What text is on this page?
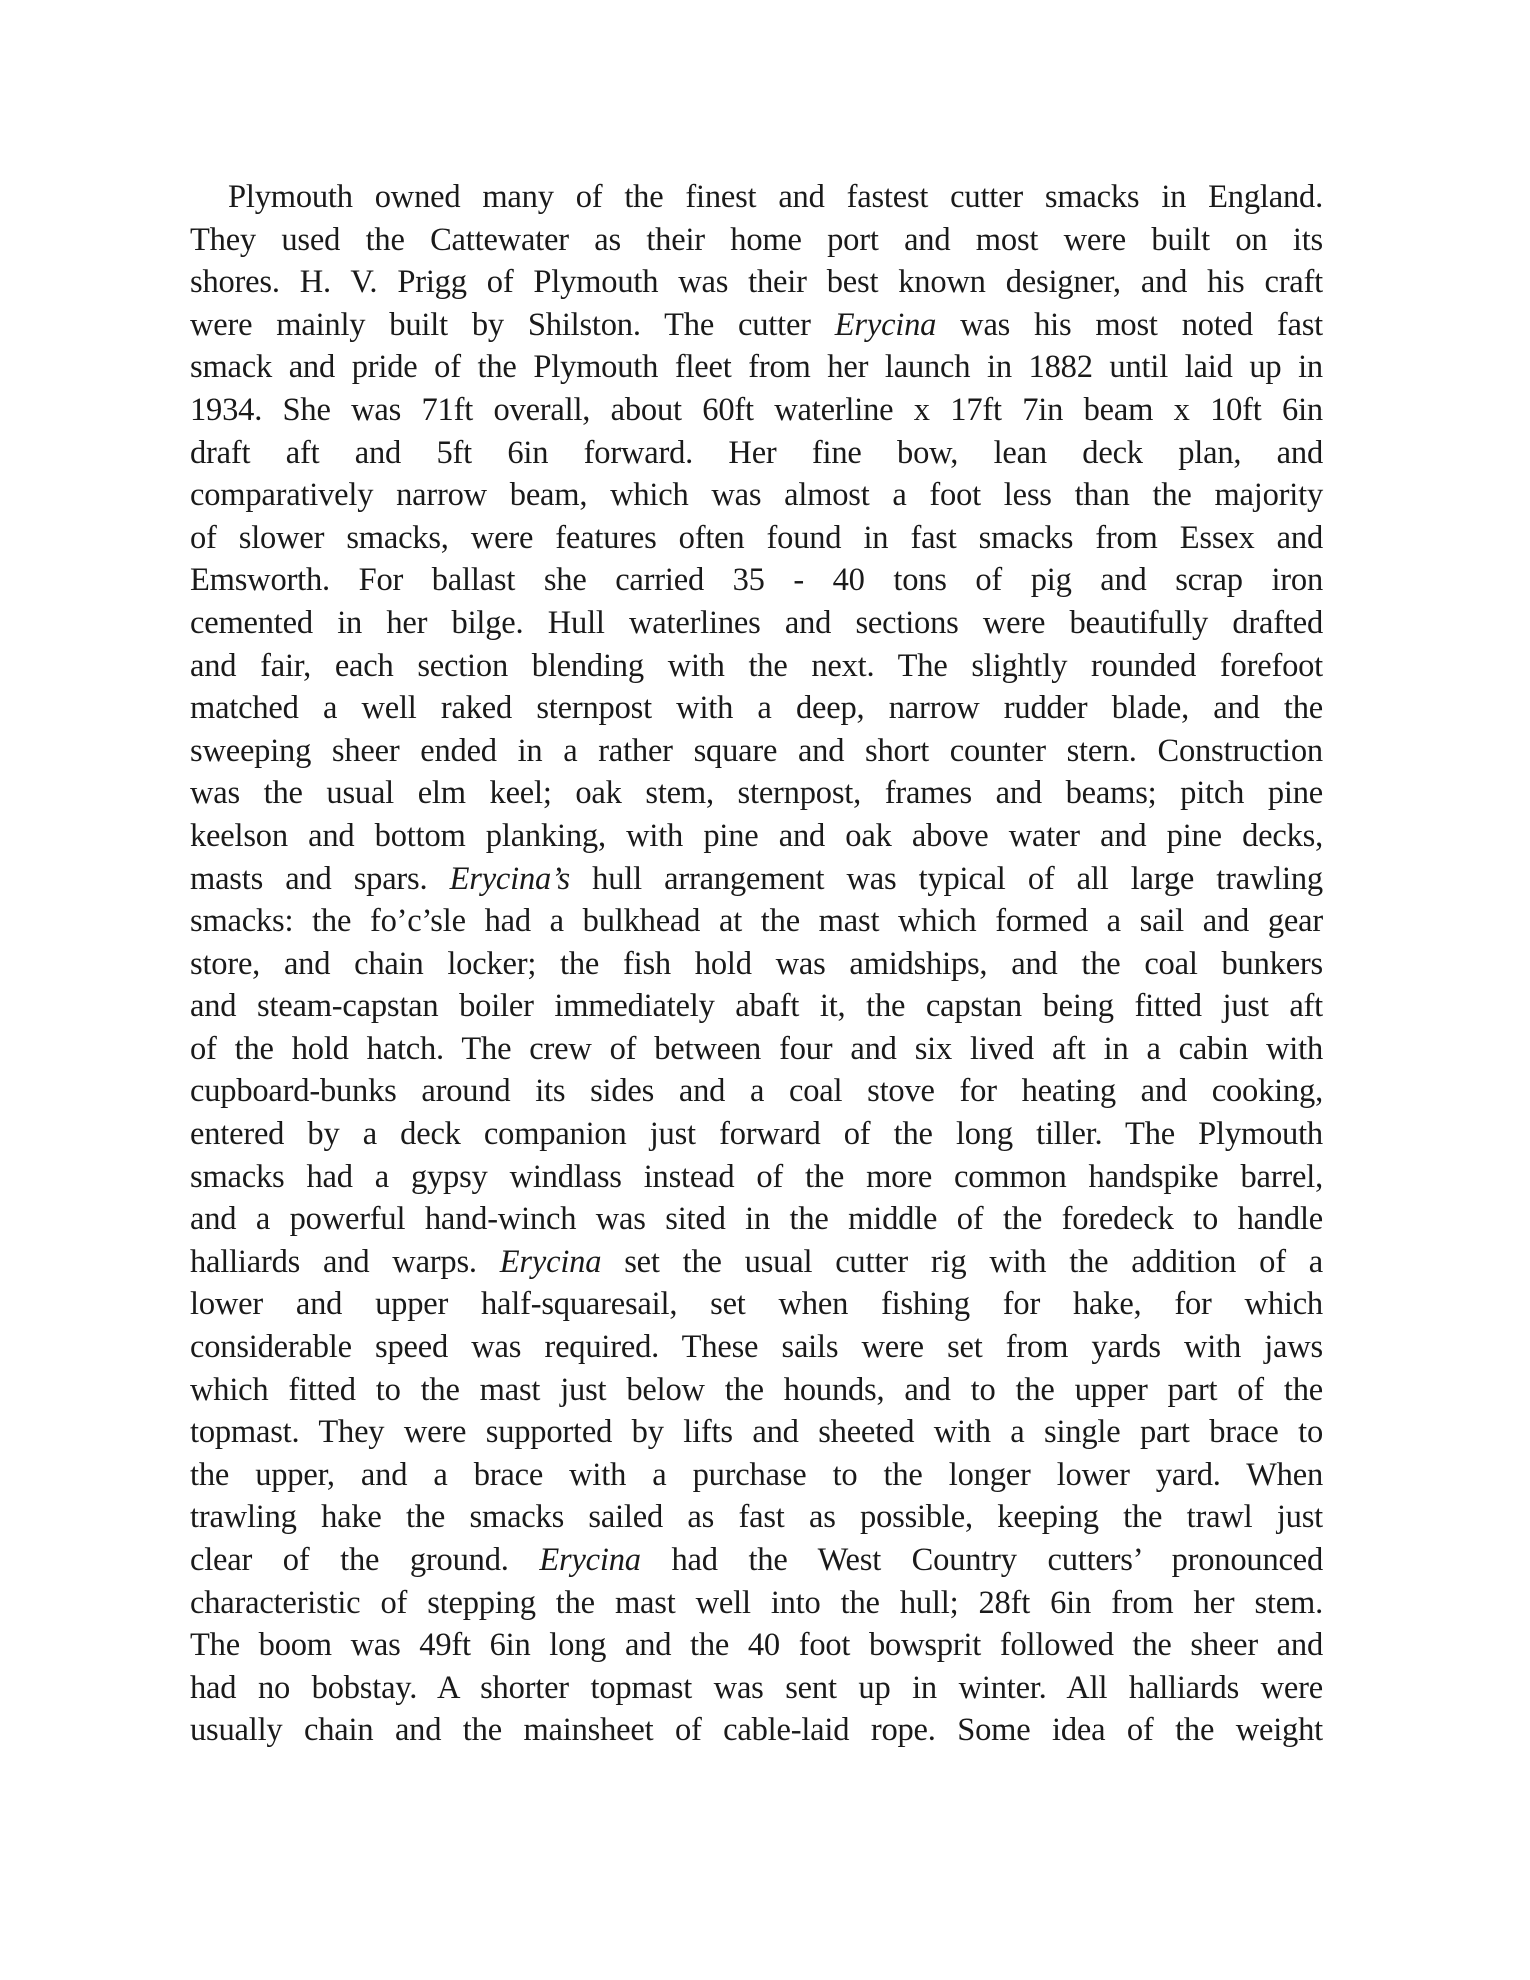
Plymouth owned many of the finest and fastest cutter smacks in England.
They used the Cattewater as their home port and most were built on its
shores. H. V. Prigg of Plymouth was their best known designer, and his craft
were mainly built by Shilston. The cutter Erycina was his most noted fast
smack and pride of the Plymouth fleet from her launch in 1882 until laid up in
1934. She was 71ft overall, about 60ft waterline x 17ft 7in beam x 10ft 6in
draft aft and 5ft 6in forward. Her fine bow, lean deck plan, and
comparatively narrow beam, which was almost a foot less than the majority
of slower smacks, were features often found in fast smacks from Essex and
Emsworth. For ballast she carried 35 - 40 tons of pig and scrap iron
cemented in her bilge. Hull waterlines and sections were beautifully drafted
and fair, each section blending with the next. The slightly rounded forefoot
matched a well raked sternpost with a deep, narrow rudder blade, and the
sweeping sheer ended in a rather square and short counter stern. Construction
was the usual elm keel; oak stem, sternpost, frames and beams; pitch pine
keelson and bottom planking, with pine and oak above water and pine decks,
masts and spars. Erycina’s hull arrangement was typical of all large trawling
smacks: the fo’c’sle had a bulkhead at the mast which formed a sail and gear
store, and chain locker; the fish hold was amidships, and the coal bunkers
and steam-capstan boiler immediately abaft it, the capstan being fitted just aft
of the hold hatch. The crew of between four and six lived aft in a cabin with
cupboard-bunks around its sides and a coal stove for heating and cooking,
entered by a deck companion just forward of the long tiller. The Plymouth
smacks had a gypsy windlass instead of the more common handspike barrel,
and a powerful hand-winch was sited in the middle of the foredeck to handle
halliards and warps. Erycina set the usual cutter rig with the addition of a
lower and upper half-squaresail, set when fishing for hake, for which
considerable speed was required. These sails were set from yards with jaws
which fitted to the mast just below the hounds, and to the upper part of the
topmast. They were supported by lifts and sheeted with a single part brace to
the upper, and a brace with a purchase to the longer lower yard. When
trawling hake the smacks sailed as fast as possible, keeping the trawl just
clear of the ground. Erycina had the West Country cutters’ pronounced
characteristic of stepping the mast well into the hull; 28ft 6in from her stem.
The boom was 49ft 6in long and the 40 foot bowsprit followed the sheer and
had no bobstay. A shorter topmast was sent up in winter. All halliards were
usually chain and the mainsheet of cable-laid rope. Some idea of the weight
